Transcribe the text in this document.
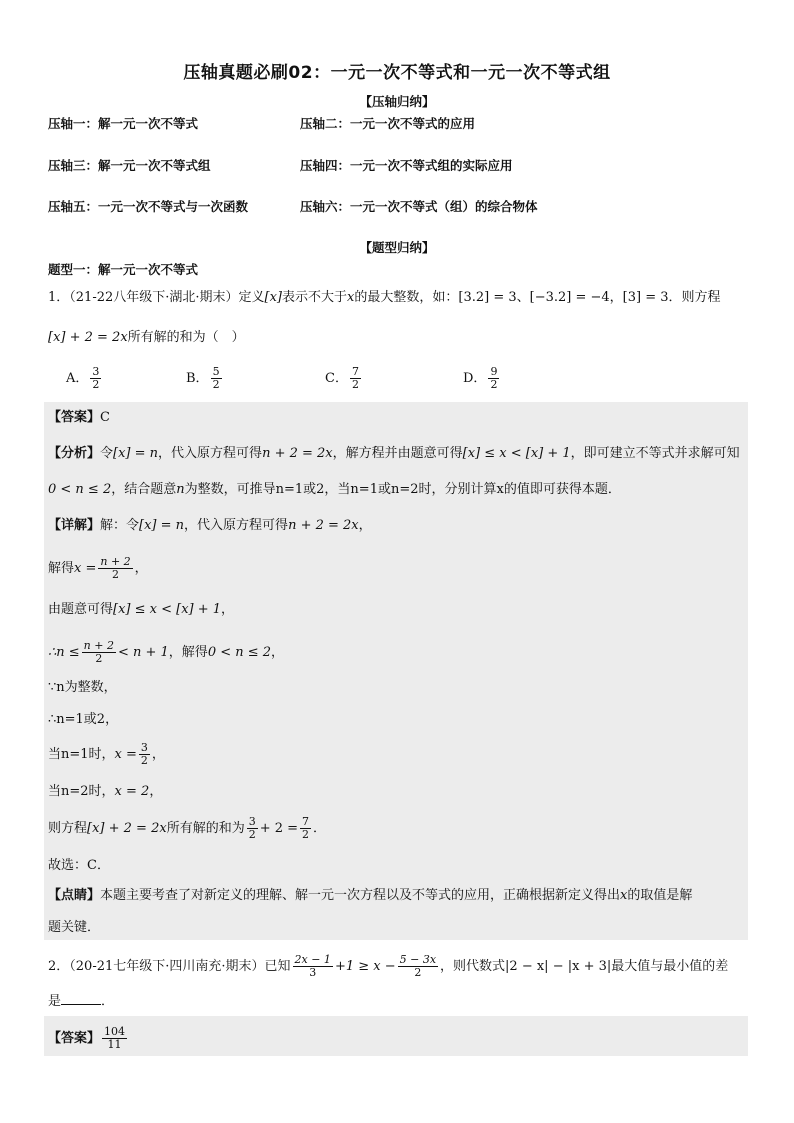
压轴真题必刷02：一元一次不等式和一元一次不等式组
【压轴归纳】
压轴一：解一元一次不等式	压轴二：一元一次不等式的应用
压轴三：解一元一次不等式组	压轴四：一元一次不等式组的实际应用
压轴五：一元一次不等式与一次函数	压轴六：一元一次不等式（组）的综合物体
【题型归纳】
题型一：解一元一次不等式
1．（21-22八年级下·湖北·期末）定义[x]表示不大于x的最大整数，如：[3.2] = 3、[−3.2] = −4，[3] = 3．则方程
[x] + 2 = 2x所有解的和为（　）
A． $\frac{3}{2}$	B． $\frac{5}{2}$	C． $\frac{7}{2}$	D． $\frac{9}{2}$
【答案】C
【分析】令[x] = n，代入原方程可得n + 2 = 2x，解方程并由题意可得[x] ≤ x < [x] + 1，即可建立不等式并求解可知
0 < n ≤ 2，结合题意n为整数，可推导n=1或2，当n=1或n=2时，分别计算x的值即可获得本题．
【详解】解：令[x] = n，代入原方程可得n + 2 = 2x，
解得$x = \frac{n + 2}{2}$ ，
由题意可得[x] ≤ x < [x] + 1，
∴n ≤ $\frac{n + 2}{2} < n + 1$，解得0 < n ≤ 2，
∵n为整数，
∴n=1或2，
当n=1时，$x = \frac{3}{2}$ ，
当n=2时，x = 2，
则方程[x] + 2 = 2x所有解的和为 $\frac{3}{2} + 2 = \frac{7}{2}$ ．
故选：C．
【点睛】本题主要考查了对新定义的理解、解一元一次方程以及不等式的应用，正确根据新定义得出x的取值是解
题关键．
2．（20-21七年级下·四川南充·期末）已知 $\frac{2x - 1}{3} +1 \ge x - \frac{5 - 3x}{2}$ ，则代数式|2 − x| − |x + 3|最大值与最小值的差
是	．
【答案】 $\frac{104}{11}$
